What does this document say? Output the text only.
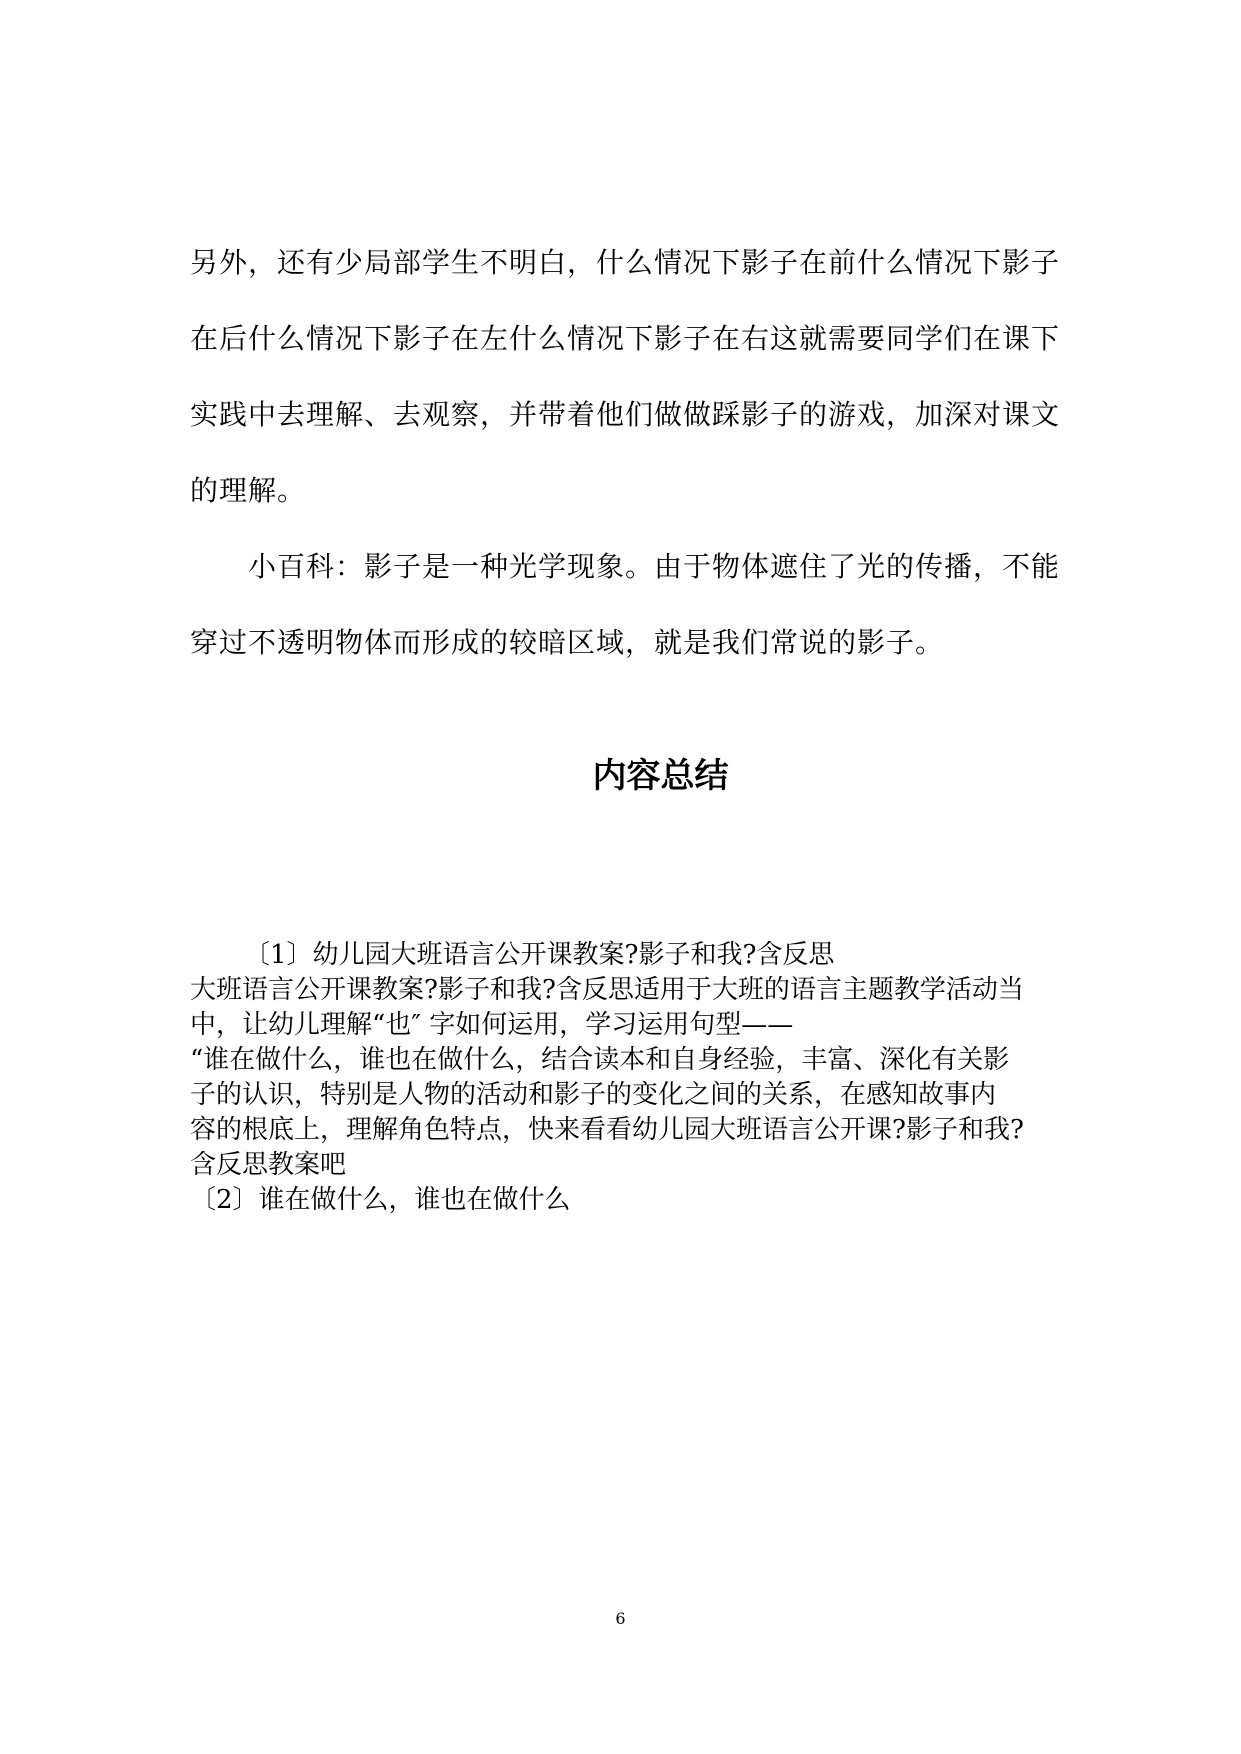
另外，还有少局部学生不明白，什么情况下影子在前什么情况下影子在后什么情况下影子在左什么情况下影子在右这就需要同学们在课下实践中去理解、去观察，并带着他们做做踩影子的游戏，加深对课文的理解。

小百科：影子是一种光学现象。由于物体遮住了光的传播，不能穿过不透明物体而形成的较暗区域，就是我们常说的影子。

内容总结
〔1〕幼儿园大班语言公开课教案?影子和我?含反思
大班语言公开课教案?影子和我?含反思适用于大班的语言主题教学活动当
中，让幼儿理解“也″ 字如何运用，学习运用句型——
“谁在做什么，谁也在做什么，结合读本和自身经验，丰富、深化有关影
子的认识，特别是人物的活动和影子的变化之间的关系，在感知故事内
容的根底上，理解角色特点，快来看看幼儿园大班语言公开课?影子和我?
含反思教案吧
〔2〕谁在做什么，谁也在做什么
6
